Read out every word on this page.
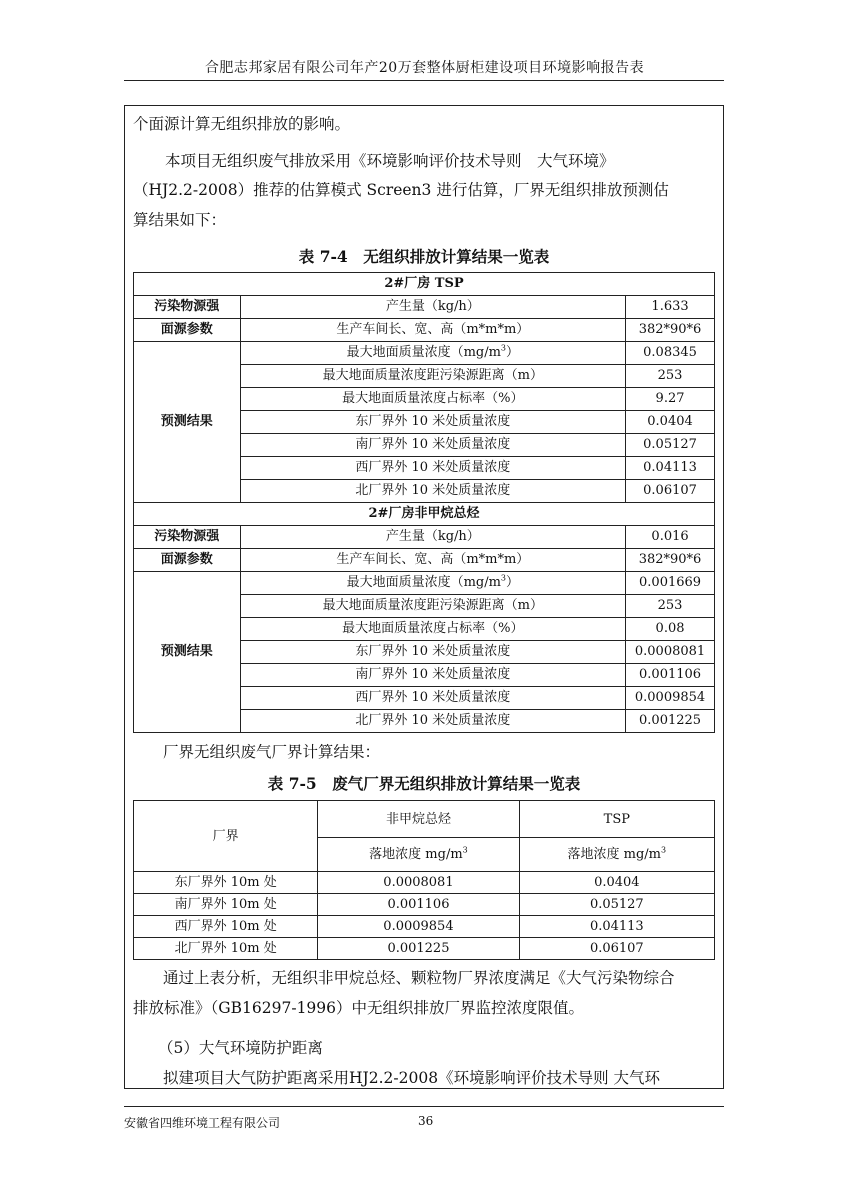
合肥志邦家居有限公司年产20万套整体厨柜建设项目环境影响报告表
个面源计算无组织排放的影响。
本项目无组织废气排放采用《环境影响评价技术导则　大气环境》
（HJ2.2-2008）推荐的估算模式 Screen3 进行估算，厂界无组织排放预测估
算结果如下：
表 7-4　无组织排放计算结果一览表
2#厂房 TSP		
污染物源强	产生量（kg/h）	1.633
面源参数	生产车间长、宽、高（m*m*m）	382*90*6
预测结果	最大地面质量浓度$(mg/m^3)$	0.08345
	最大地面质量浓度距污染源距离（m）	253
	最大地面质量浓度占标率（%）	9.27
	东厂界外 10 米处质量浓度	0.0404
	南厂界外 10 米处质量浓度	0.05127
	西厂界外 10 米处质量浓度	0.04113
	北厂界外 10 米处质量浓度	0.06107
2#厂房非甲烷总烃		
污染物源强	产生量（kg/h）	0.016
面源参数	生产车间长、宽、高（m*m*m）	382*90*6
预测结果	最大地面质量浓度$(mg/m^3)$	0.001669
	最大地面质量浓度距污染源距离（m）	253
	最大地面质量浓度占标率（%）	0.08
	东厂界外 10 米处质量浓度	0.0008081
	南厂界外 10 米处质量浓度	0.001106
	西厂界外 10 米处质量浓度	0.0009854
	北厂界外 10 米处质量浓度	0.001225
厂界无组织废气厂界计算结果：
表 7-5　废气厂界无组织排放计算结果一览表
厂界	非甲烷总烃	TSP
	落地浓度 $mg/m^3$	落地浓度 $mg/m^3$
东厂界外 10m 处	0.0008081	0.0404
南厂界外 10m 处	0.001106	0.05127
西厂界外 10m 处	0.0009854	0.04113
北厂界外 10m 处	0.001225	0.06107
通过上表分析，无组织非甲烷总烃、颗粒物厂界浓度满足《大气污染物综合
排放标准》（GB16297-1996）中无组织排放厂界监控浓度限值。
（5）大气环境防护距离
拟建项目大气防护距离采用HJ2.2-2008《环境影响评价技术导则 大气环
安徽省四维环境工程有限公司	36
